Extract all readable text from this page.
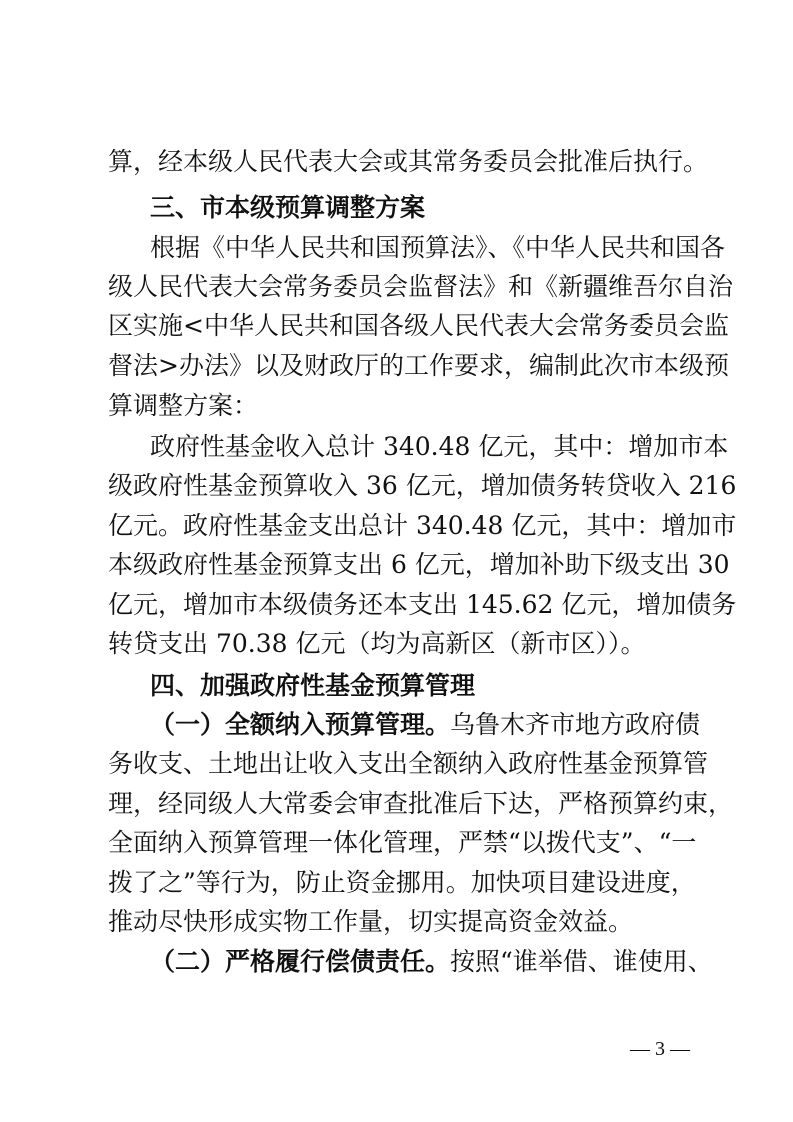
算，经本级人民代表大会或其常务委员会批准后执行。
三、市本级预算调整方案
根据《中华人民共和国预算法》、《中华人民共和国各
级人民代表大会常务委员会监督法》和《新疆维吾尔自治
区实施<中华人民共和国各级人民代表大会常务委员会监
督法>办法》以及财政厅的工作要求，编制此次市本级预
算调整方案：
政府性基金收入总计 340.48 亿元，其中：增加市本
级政府性基金预算收入 36 亿元，增加债务转贷收入 216
亿元。政府性基金支出总计 340.48 亿元，其中：增加市
本级政府性基金预算支出 6 亿元，增加补助下级支出 30
亿元，增加市本级债务还本支出 145.62 亿元，增加债务
转贷支出 70.38 亿元（均为高新区（新市区））。
四、加强政府性基金预算管理
（一）全额纳入预算管理。乌鲁木齐市地方政府债
务收支、土地出让收入支出全额纳入政府性基金预算管
理，经同级人大常委会审查批准后下达，严格预算约束，
全面纳入预算管理一体化管理，严禁“以拨代支”、“一
拨了之”等行为，防止资金挪用。加快项目建设进度，
推动尽快形成实物工作量，切实提高资金效益。
（二）严格履行偿债责任。按照“谁举借、谁使用、
— 3 —
